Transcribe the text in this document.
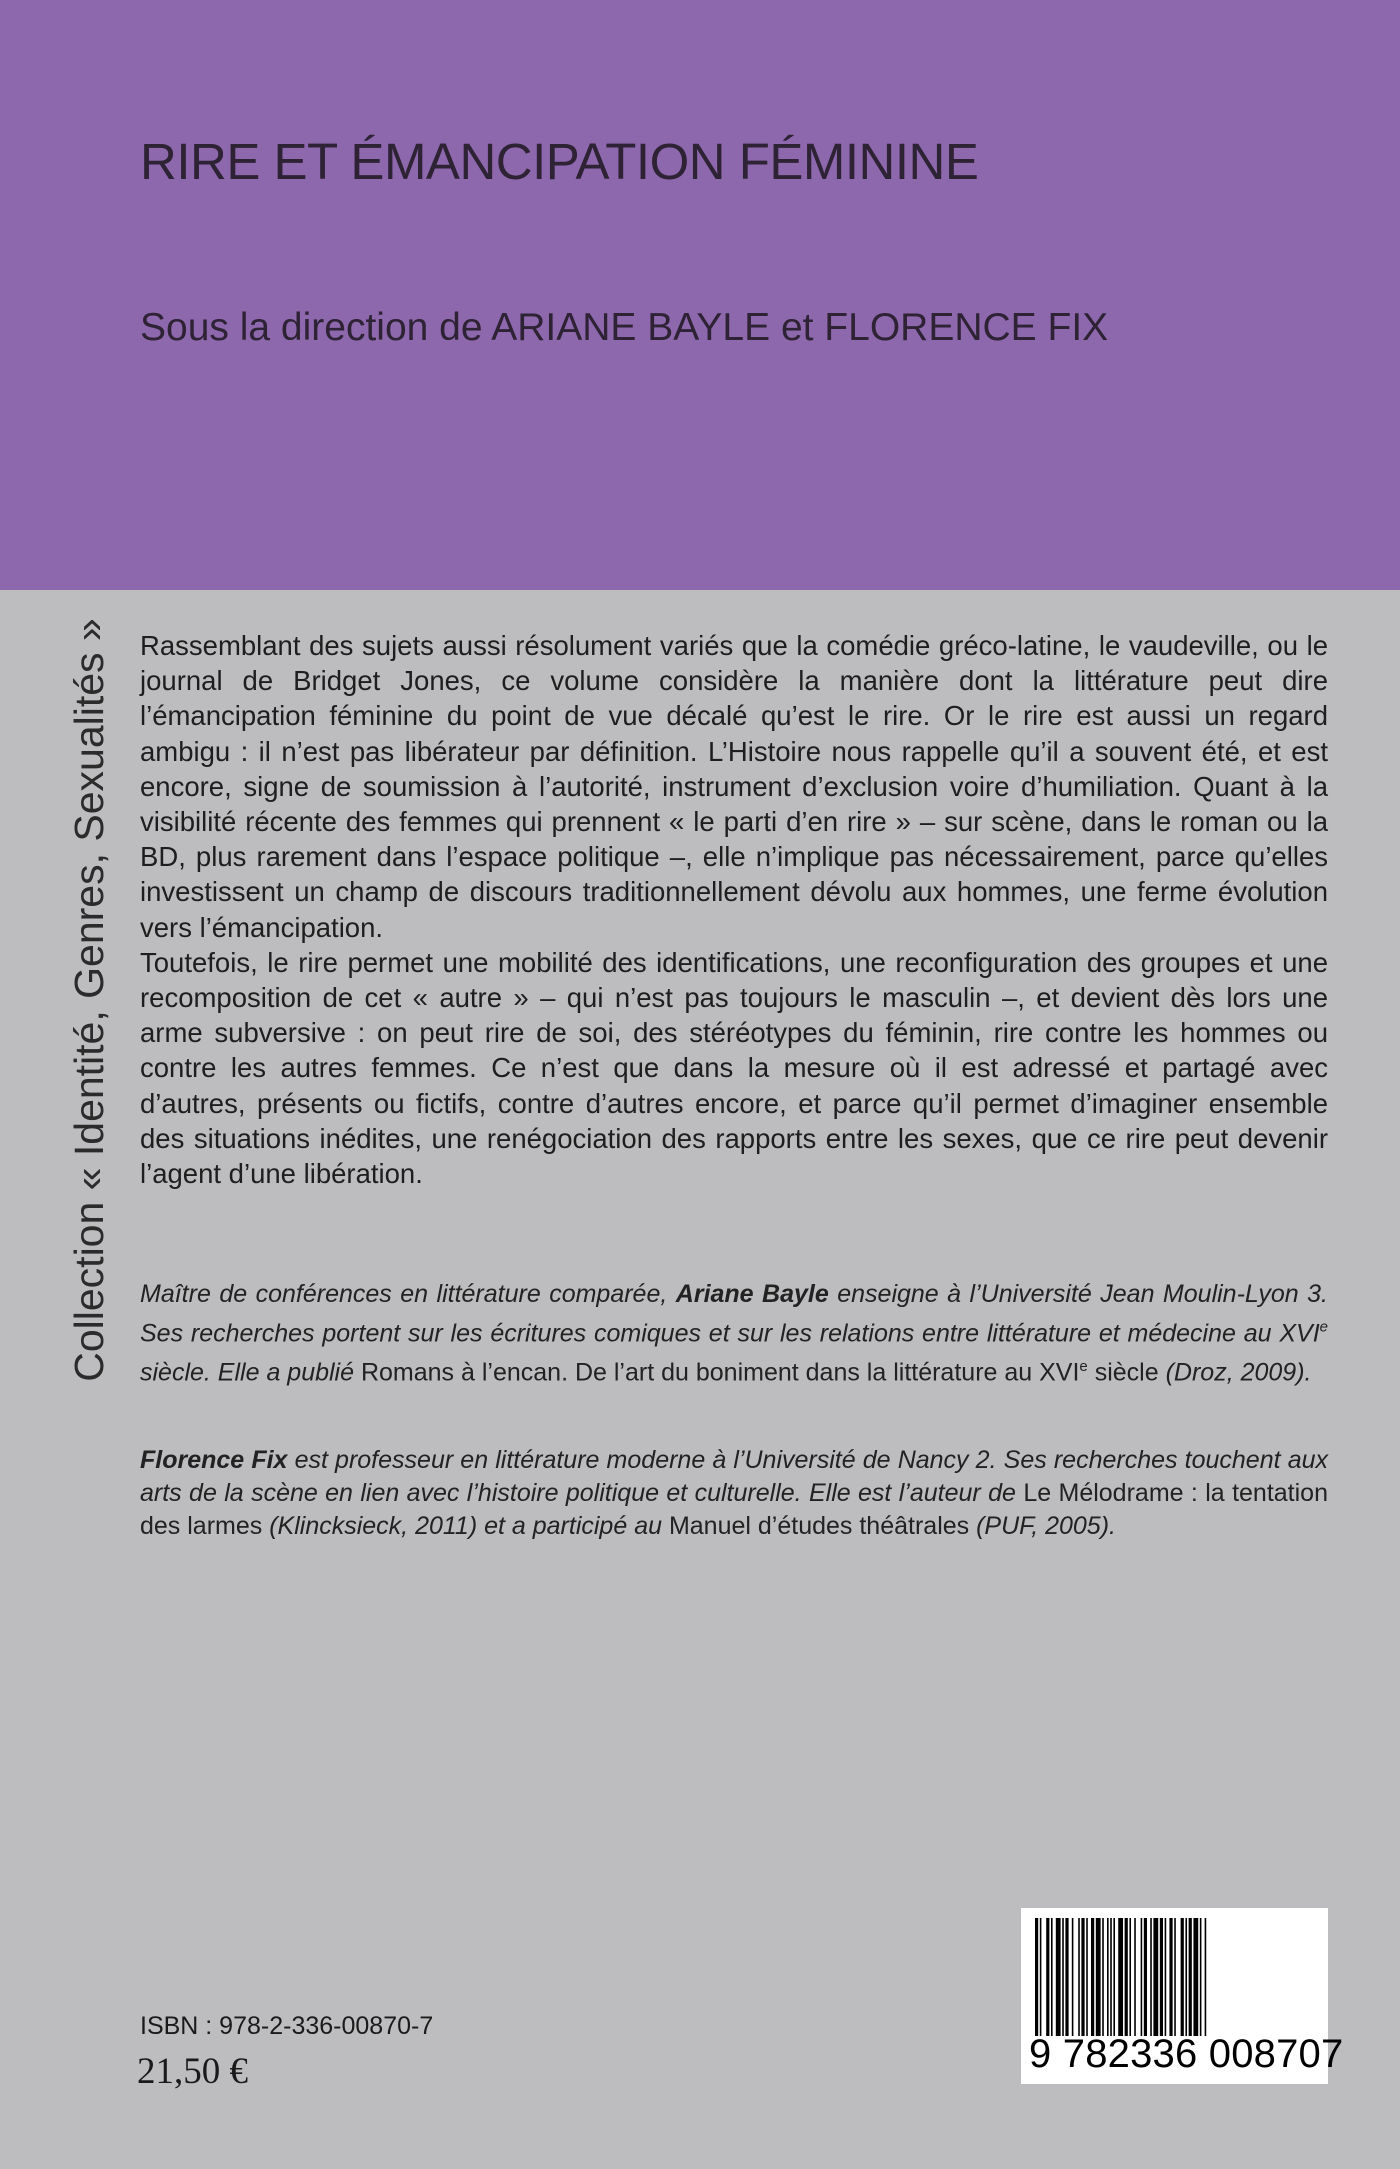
RIRE ET ÉMANCIPATION FÉMININE
Sous la direction de ARIANE BAYLE et FLORENCE FIX
Collection « Identité, Genres, Sexualités » Rassemblant des sujets aussi résolument variés que la comédie gréco-latine, le vaudeville, ou le journal de Bridget Jones, ce volume considère la manière dont la littérature peut dire l’émancipation féminine du point de vue décalé qu’est le rire. Or le rire est aussi un regard ambigu : il n’est pas libérateur par définition. L’Histoire nous rappelle qu’il a souvent été, et est encore, signe de soumission à l’autorité, instrument d’exclusion voire d’humiliation. Quant à la visibilité récente des femmes qui prennent « le parti d’en rire » – sur scène, dans le roman ou la BD, plus rarement dans l’espace politique –, elle n’implique pas nécessairement, parce qu’elles investissent un champ de discours traditionnellement dévolu aux hommes, une ferme évolution vers l’émancipation.

Toutefois, le rire permet une mobilité des identifications, une reconfiguration des groupes et une recomposition de cet « autre » – qui n’est pas toujours le masculin –, et devient dès lors une arme subversive : on peut rire de soi, des stéréotypes du féminin, rire contre les hommes ou contre les autres femmes. Ce n’est que dans la mesure où il est adressé et partagé avec d’autres, présents ou fictifs, contre d’autres encore, et parce qu’il permet d’imaginer ensemble des situations inédites, une renégociation des rapports entre les sexes, que ce rire peut devenir l’agent d’une libération.

Maître de conférences en littérature comparée, Ariane Bayle enseigne à l’Université Jean Moulin-Lyon 3. Ses recherches portent sur les écritures comiques et sur les relations entre littérature et médecine au XVIe siècle. Elle a publié Romans à l’encan. De l’art du boniment dans la littérature au XVIe siècle (Droz, 2009).
Florence Fix est professeur en littérature moderne à l’Université de Nancy 2. Ses recherches touchent aux arts de la scène en lien avec l’histoire politique et culturelle. Elle est l’auteur de Le Mélodrame : la tentation des larmes (Klincksieck, 2011) et a participé au Manuel d’études théâtrales (PUF, 2005).
ISBN : 978-2-336-00870-7
21,50 €	9 782336 008707
